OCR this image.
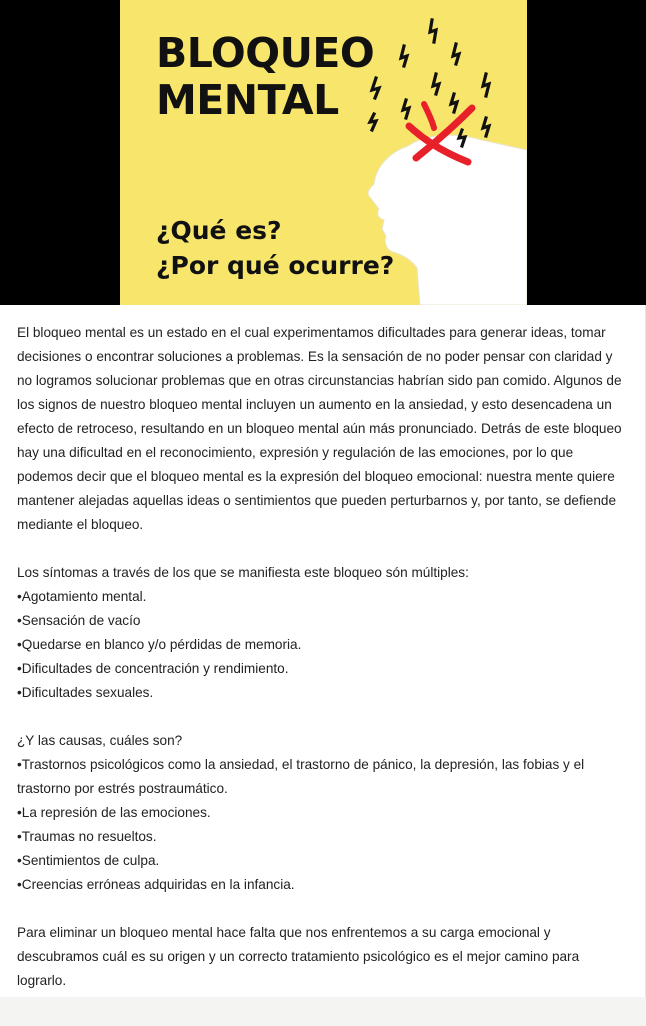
BLOQUEO
MENTAL

¿Qué es?
¿Por qué ocurre?

El bloqueo mental es un estado en el cual experimentamos dificultades para generar ideas, tomar decisiones o encontrar soluciones a problemas. Es la sensación de no poder pensar con claridad y no logramos solucionar problemas que en otras circunstancias habrían sido pan comido. Algunos de los signos de nuestro bloqueo mental incluyen un aumento en la ansiedad, y esto desencadena un efecto de retroceso, resultando en un bloqueo mental aún más pronunciado. Detrás de este bloqueo hay una dificultad en el reconocimiento, expresión y regulación de las emociones, por lo que podemos decir que el bloqueo mental es la expresión del bloqueo emocional: nuestra mente quiere mantener alejadas aquellas ideas o sentimientos que pueden perturbarnos y, por tanto, se defiende mediante el bloqueo.

Los síntomas a través de los que se manifiesta este bloqueo són múltiples:

•Agotamiento mental.
•Sensación de vacío
•Quedarse en blanco y/o pérdidas de memoria.
•Dificultades de concentración y rendimiento.
•Dificultades sexuales.

¿Y las causas, cuáles son?

•Trastornos psicológicos como la ansiedad, el trastorno de pánico, la depresión, las fobias y el trastorno por estrés postraumático.
•La represión de las emociones.
•Traumas no resueltos.
•Sentimientos de culpa.
•Creencias erróneas adquiridas en la infancia.

Para eliminar un bloqueo mental hace falta que nos enfrentemos a su carga emocional y descubramos cuál es su origen y un correcto tratamiento psicológico es el mejor camino para lograrlo.
